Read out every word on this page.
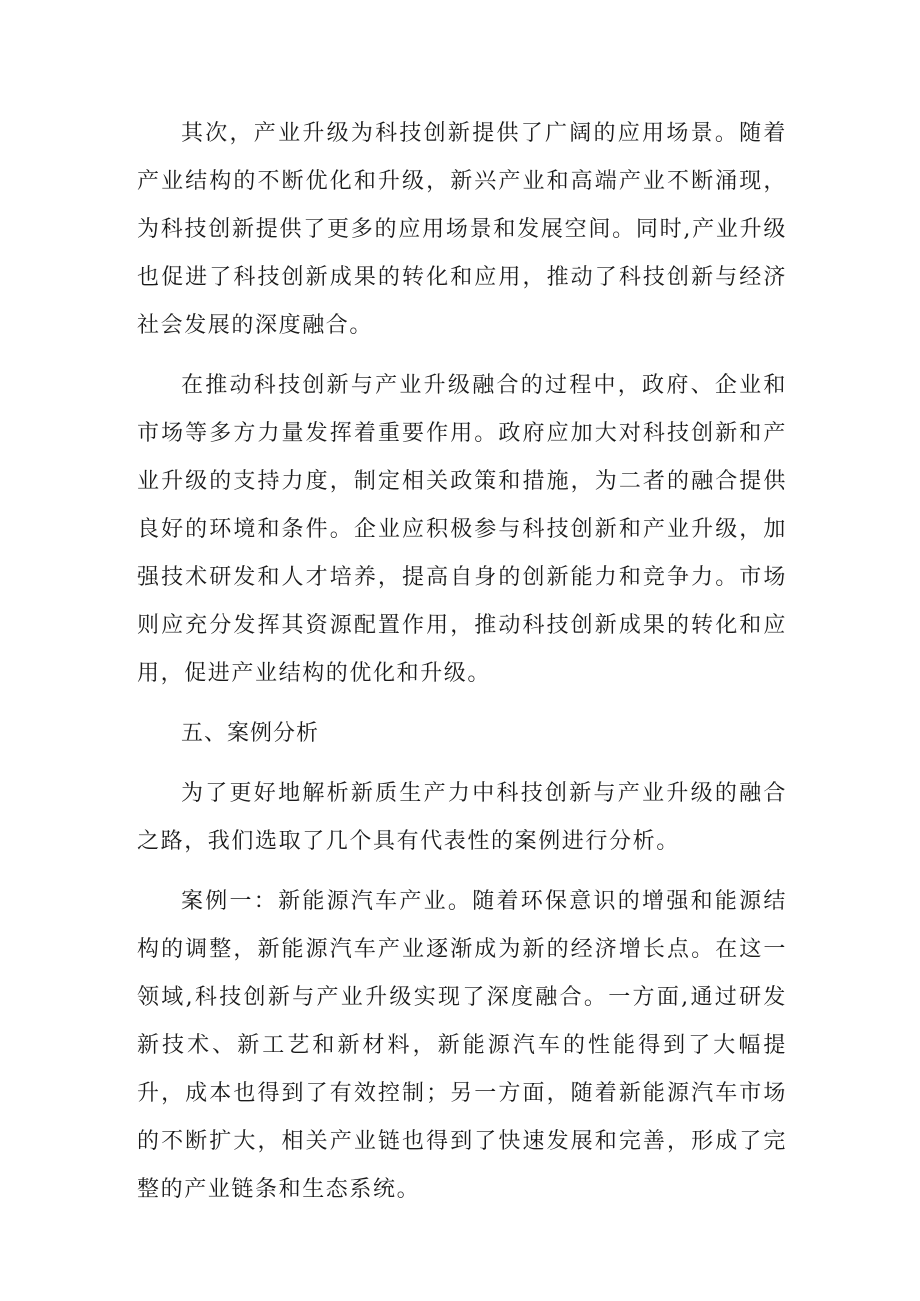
其次，产业升级为科技创新提供了广阔的应用场景。随着产业结构的不断优化和升级，新兴产业和高端产业不断涌现，为科技创新提供了更多的应用场景和发展空间。同时,产业升级也促进了科技创新成果的转化和应用，推动了科技创新与经济社会发展的深度融合。

在推动科技创新与产业升级融合的过程中，政府、企业和市场等多方力量发挥着重要作用。政府应加大对科技创新和产业升级的支持力度，制定相关政策和措施，为二者的融合提供良好的环境和条件。企业应积极参与科技创新和产业升级，加强技术研发和人才培养，提高自身的创新能力和竞争力。市场则应充分发挥其资源配置作用，推动科技创新成果的转化和应用，促进产业结构的优化和升级。

五、案例分析

为了更好地解析新质生产力中科技创新与产业升级的融合之路，我们选取了几个具有代表性的案例进行分析。

案例一：新能源汽车产业。随着环保意识的增强和能源结构的调整，新能源汽车产业逐渐成为新的经济增长点。在这一领域,科技创新与产业升级实现了深度融合。一方面,通过研发新技术、新工艺和新材料，新能源汽车的性能得到了大幅提升，成本也得到了有效控制；另一方面，随着新能源汽车市场的不断扩大，相关产业链也得到了快速发展和完善，形成了完整的产业链条和生态系统。
